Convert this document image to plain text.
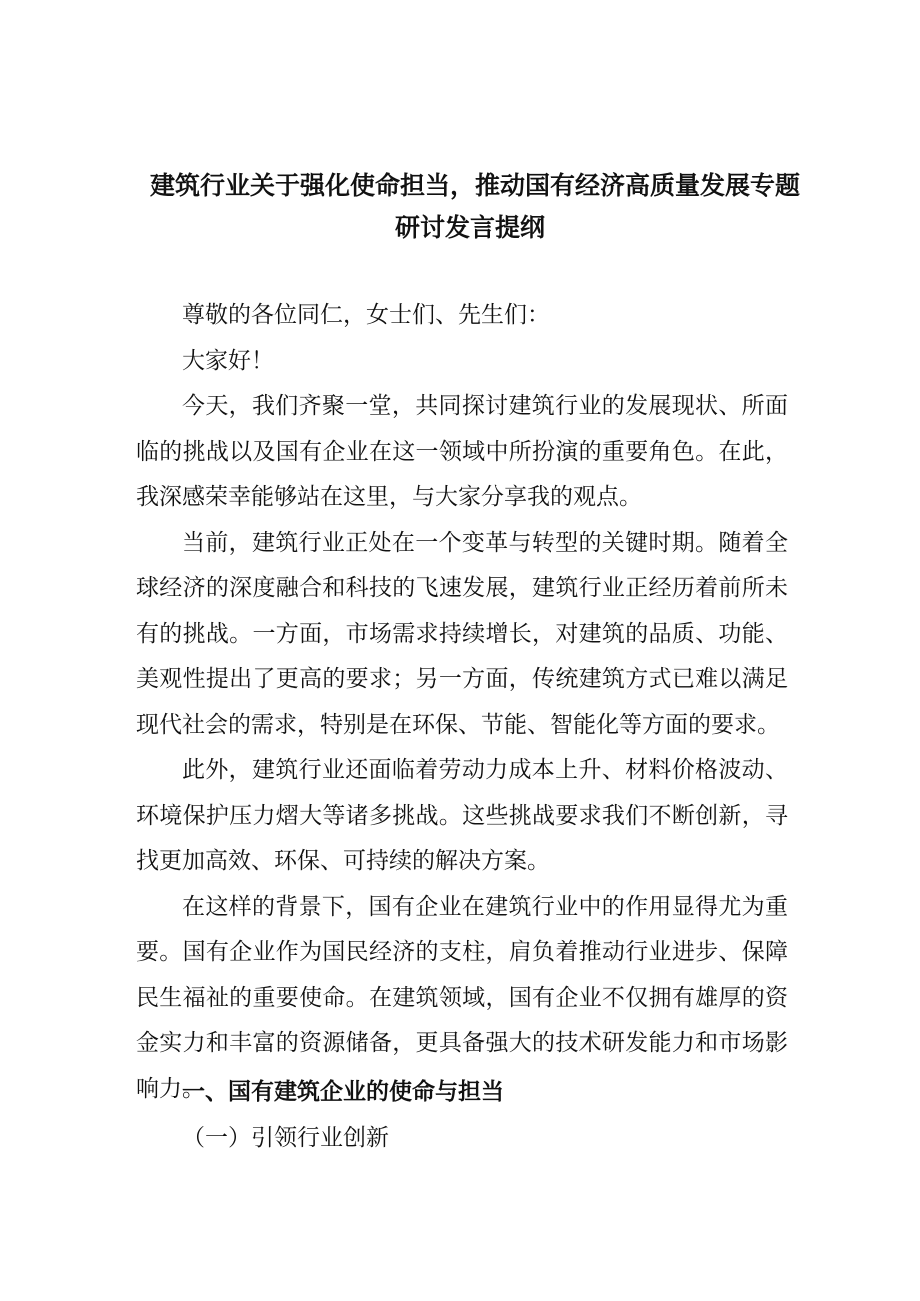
建筑行业关于强化使命担当，推动国有经济高质量发展专题
研讨发言提纲

尊敬的各位同仁，女士们、先生们：

大家好！

今天，我们齐聚一堂，共同探讨建筑行业的发展现状、所面临的挑战以及国有企业在这一领域中所扮演的重要角色。在此，我深感荣幸能够站在这里，与大家分享我的观点。

当前，建筑行业正处在一个变革与转型的关键时期。随着全球经济的深度融合和科技的飞速发展，建筑行业正经历着前所未有的挑战。一方面，市场需求持续增长，对建筑的品质、功能、美观性提出了更高的要求；另一方面，传统建筑方式已难以满足现代社会的需求，特别是在环保、节能、智能化等方面的要求。

此外，建筑行业还面临着劳动力成本上升、材料价格波动、环境保护压力熠大等诸多挑战。这些挑战要求我们不断创新，寻找更加高效、环保、可持续的解决方案。

在这样的背景下，国有企业在建筑行业中的作用显得尤为重要。国有企业作为国民经济的支柱，肩负着推动行业进步、保障民生福祉的重要使命。在建筑领域，国有企业不仅拥有雄厚的资金实力和丰富的资源储备，更具备强大的技术研发能力和市场影响力。

一、国有建筑企业的使命与担当
（一）引领行业创新
